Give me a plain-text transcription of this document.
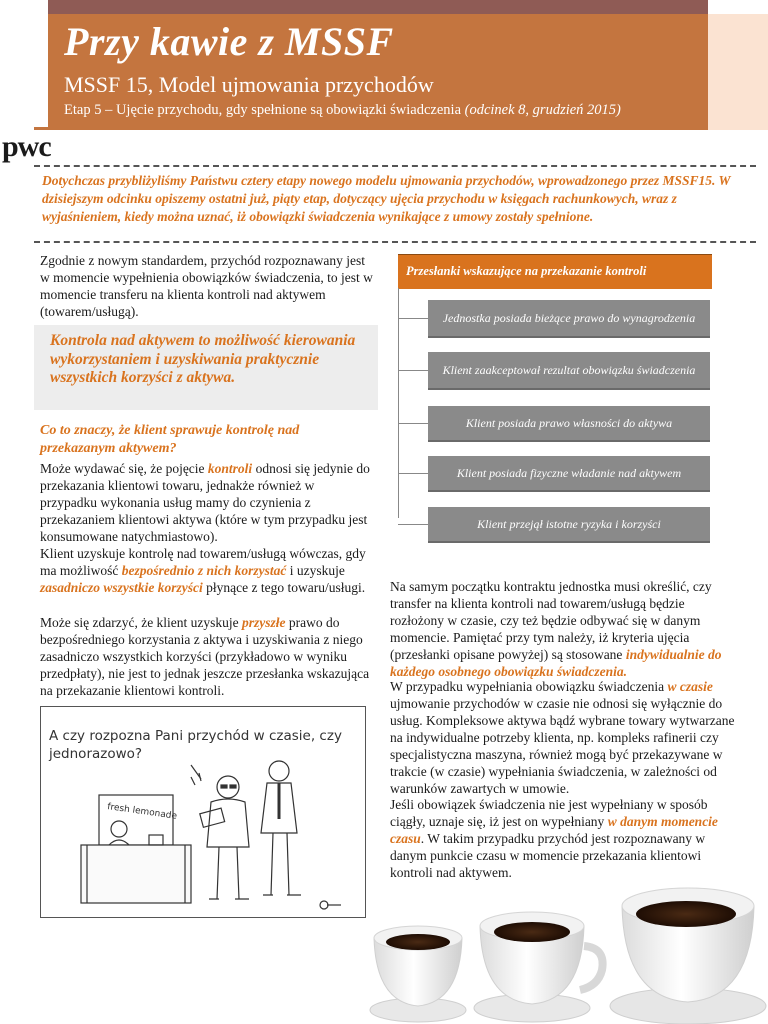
Przy kawie z MSSF
MSSF 15, Model ujmowania przychodów
Etap 5 – Ujęcie przychodu, gdy spełnione są obowiązki świadczenia (odcinek 8, grudzień 2015)
pwc
Dotychczas przybliżyliśmy Państwu cztery etapy nowego modelu ujmowania przychodów, wprowadzonego przez MSSF15. W dzisiejszym odcinku opiszemy ostatni już, piąty etap, dotyczący ujęcia przychodu w księgach rachunkowych, wraz z wyjaśnieniem, kiedy można uznać, iż obowiązki świadczenia wynikające z umowy zostały spełnione.
Zgodnie z nowym standardem, przychód rozpoznawany jest w momencie wypełnienia obowiązków świadczenia, to jest w momencie transferu na klienta kontroli nad aktywem (towarem/usługą).
Kontrola nad aktywem to możliwość kierowania wykorzystaniem i uzyskiwania praktycznie wszystkich korzyści z aktywa.
Co to znaczy, że klient sprawuje kontrolę nad przekazanym aktywem?
Może wydawać się, że pojęcie kontroli odnosi się jedynie do przekazania klientowi towaru, jednakże również w przypadku wykonania usług mamy do czynienia z przekazaniem klientowi aktywa (które w tym przypadku jest konsumowane natychmiastowo).
Klient uzyskuje kontrolę nad towarem/usługą wówczas, gdy ma możliwość bezpośrednio z nich korzystać i uzyskuje zasadniczo wszystkie korzyści płynące z tego towaru/usługi.
Może się zdarzyć, że klient uzyskuje przyszłe prawo do bezpośredniego korzystania z aktywa i uzyskiwania z niego zasadniczo wszystkich korzyści (przykładowo w wyniku przedpłaty), nie jest to jednak jeszcze przesłanka wskazująca na przekazanie klientowi kontroli.
Przesłanki wskazujące na przekazanie kontroli
Jednostka posiada bieżące prawo do wynagrodzenia
Klient zaakceptował rezultat obowiązku świadczenia
Klient posiada prawo własności do aktywa
Klient posiada fizyczne władanie nad aktywem
Klient przejął istotne ryzyka i korzyści
Na samym początku kontraktu jednostka musi określić, czy transfer na klienta kontroli nad towarem/usługą będzie rozłożony w czasie, czy też będzie odbywać się w danym momencie. Pamiętać przy tym należy, iż kryteria ujęcia (przesłanki opisane powyżej) są stosowane indywidualnie do każdego osobnego obowiązku świadczenia.
W przypadku wypełniania obowiązku świadczenia w czasie ujmowanie przychodów w czasie nie odnosi się wyłącznie do usług. Kompleksowe aktywa bądź wybrane towary wytwarzane na indywidualne potrzeby klienta, np. kompleks rafinerii czy specjalistyczna maszyna, również mogą być przekazywane w trakcie (w czasie) wypełniania świadczenia, w zależności od warunków zawartych w umowie.
Jeśli obowiązek świadczenia nie jest wypełniany w sposób ciągły, uznaje się, iż jest on wypełniany w danym momencie czasu. W takim przypadku przychód jest rozpoznawany w danym punkcie czasu w momencie przekazania klientowi kontroli nad aktywem.
A czy rozpozna Pani przychód w czasie, czy jednorazowo?
fresh lemonade
